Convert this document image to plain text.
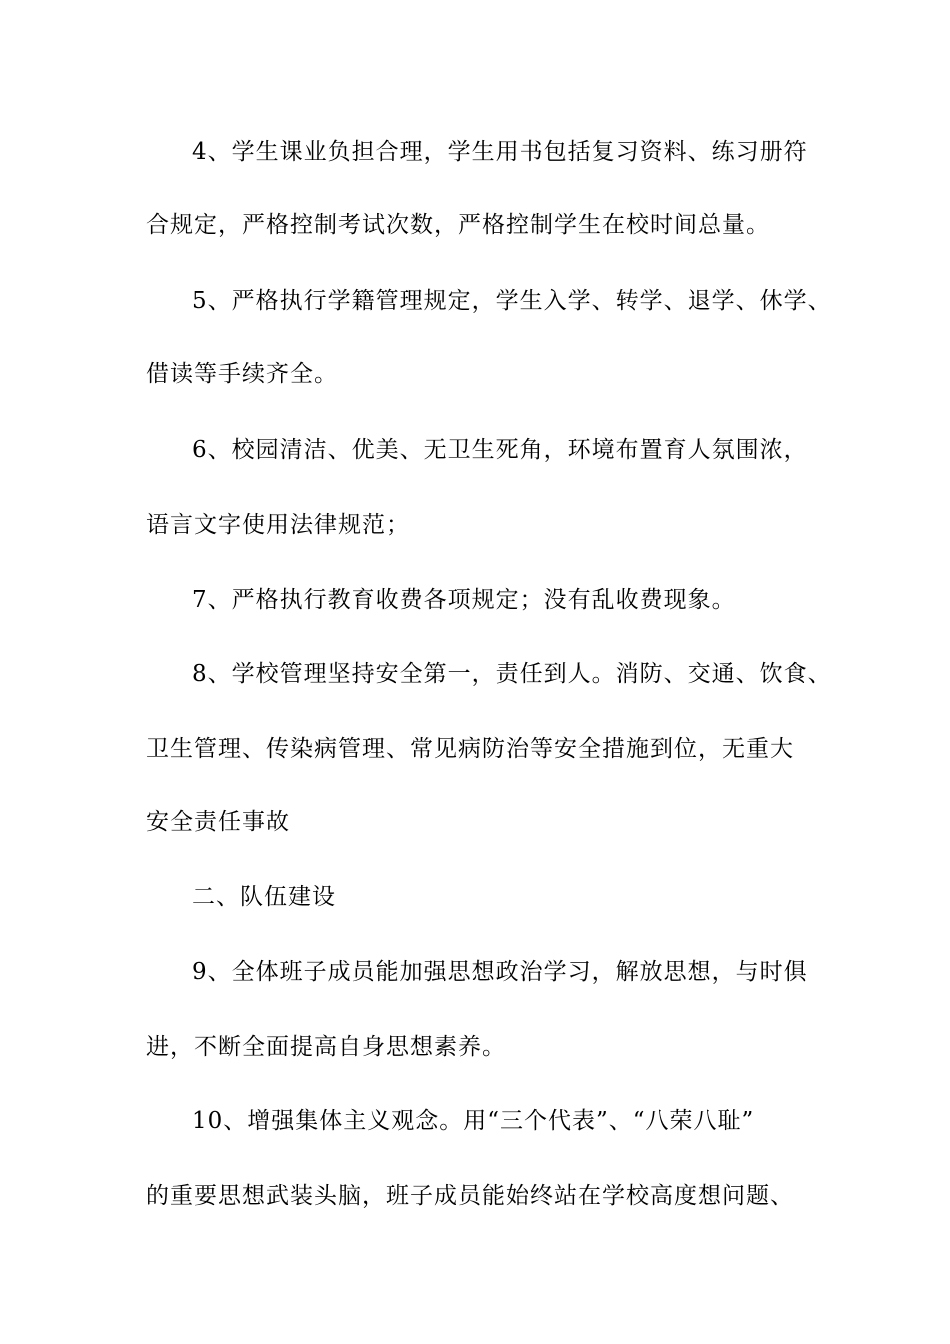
4、学生课业负担合理，学生用书包括复习资料、练习册符
合规定，严格控制考试次数，严格控制学生在校时间总量。
5、严格执行学籍管理规定，学生入学、转学、退学、休学、
借读等手续齐全。
6、校园清洁、优美、无卫生死角，环境布置育人氛围浓，
语言文字使用法律规范；
7、严格执行教育收费各项规定；没有乱收费现象。
8、学校管理坚持安全第一，责任到人。消防、交通、饮食、
卫生管理、传染病管理、常见病防治等安全措施到位，无重大
安全责任事故
二、队伍建设
9、全体班子成员能加强思想政治学习，解放思想，与时俱
进，不断全面提高自身思想素养。
10、增强集体主义观念。用“三个代表”、“八荣八耻”
的重要思想武装头脑，班子成员能始终站在学校高度想问题、
